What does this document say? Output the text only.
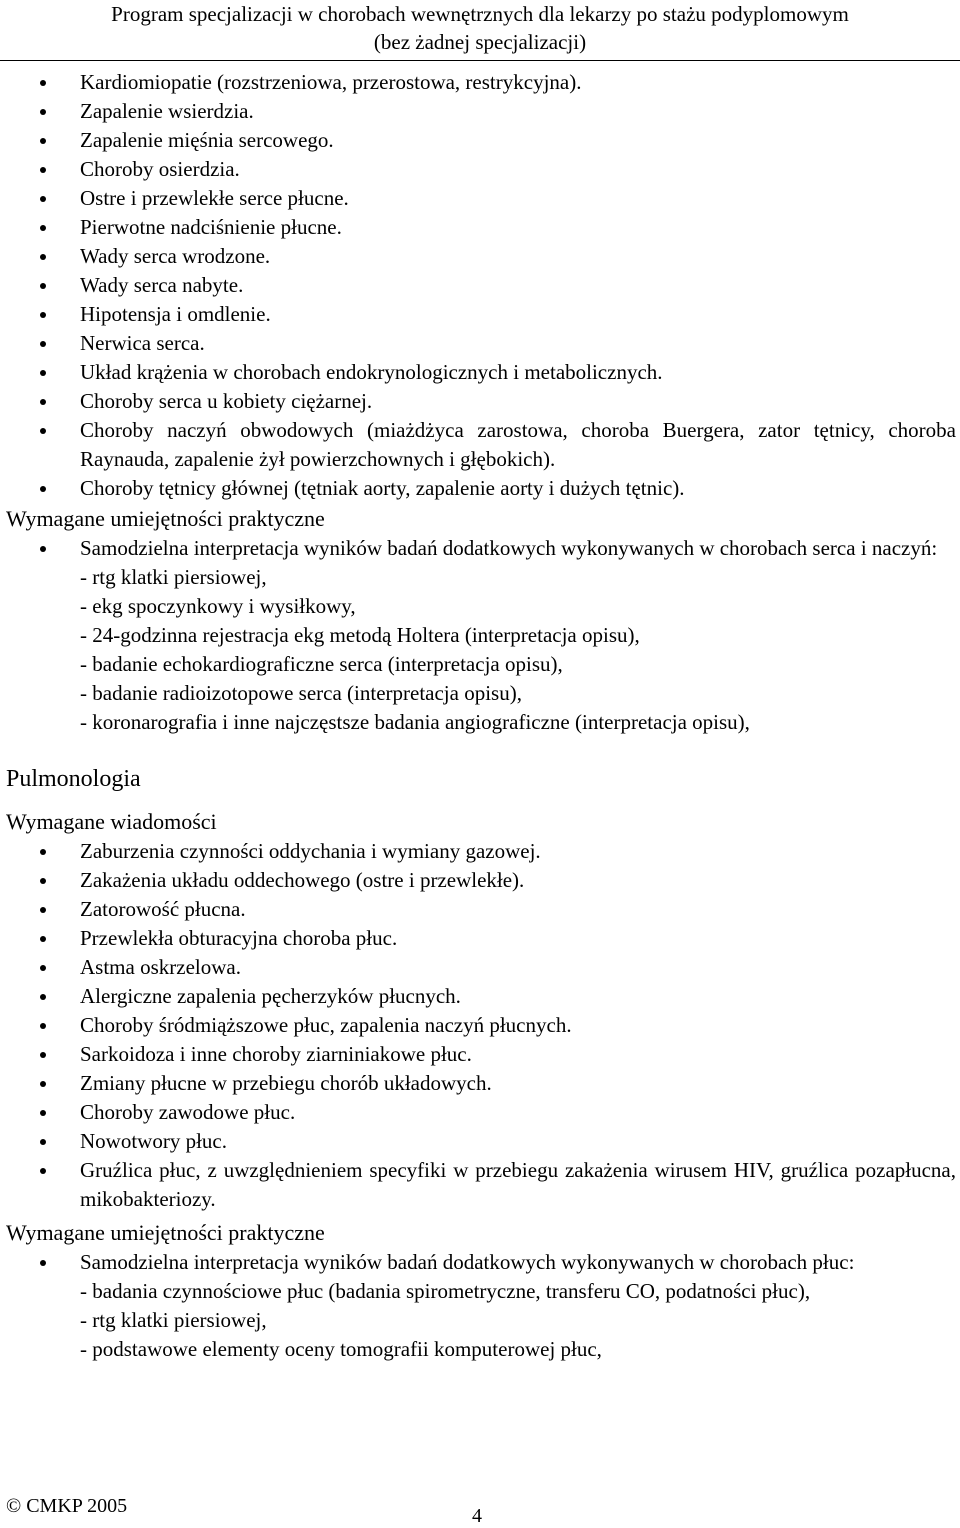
Program specjalizacji w chorobach wewnętrznych dla lekarzy po stażu podyplomowym
(bez żadnej specjalizacji)
Kardiomiopatie (rozstrzeniowa, przerostowa, restrykcyjna).
Zapalenie wsierdzia.
Zapalenie mięśnia sercowego.
Choroby osierdzia.
Ostre i przewlekłe serce płucne.
Pierwotne nadciśnienie płucne.
Wady serca wrodzone.
Wady serca nabyte.
Hipotensja i omdlenie.
Nerwica serca.
Układ krążenia w chorobach endokrynologicznych i metabolicznych.
Choroby serca u kobiety ciężarnej.
Choroby naczyń obwodowych (miażdżyca zarostowa, choroba Buergera, zator tętnicy, choroba Raynauda, zapalenie żył powierzchownych i głębokich).
Choroby tętnicy głównej (tętniak aorty, zapalenie aorty i dużych tętnic).
Wymagane umiejętności praktyczne
Samodzielna interpretacja wyników badań dodatkowych wykonywanych w chorobach serca i naczyń:
- rtg klatki piersiowej,
- ekg spoczynkowy i wysiłkowy,
- 24-godzinna rejestracja ekg metodą Holtera (interpretacja opisu),
- badanie echokardiograficzne serca (interpretacja opisu),
- badanie radioizotopowe serca (interpretacja opisu),
- koronarografia i inne najczęstsze badania angiograficzne (interpretacja opisu),
Pulmonologia
Wymagane wiadomości
Zaburzenia czynności oddychania i wymiany gazowej.
Zakażenia układu oddechowego (ostre i przewlekłe).
Zatorowość płucna.
Przewlekła obturacyjna choroba płuc.
Astma oskrzelowa.
Alergiczne zapalenia pęcherzyków płucnych.
Choroby śródmiąższowe płuc, zapalenia naczyń płucnych.
Sarkoidoza i inne choroby ziarniniakowe płuc.
Zmiany płucne w przebiegu chorób układowych.
Choroby zawodowe płuc.
Nowotwory płuc.
Gruźlica płuc, z uwzględnieniem specyfiki w przebiegu zakażenia wirusem HIV, gruźlica pozapłucna, mikobakteriozy.
Wymagane umiejętności praktyczne
Samodzielna interpretacja wyników badań dodatkowych wykonywanych w chorobach płuc:
- badania czynnościowe płuc (badania spirometryczne, transferu CO, podatności płuc),
- rtg klatki piersiowej,
- podstawowe elementy oceny tomografii komputerowej płuc,
© CMKP 2005	4
